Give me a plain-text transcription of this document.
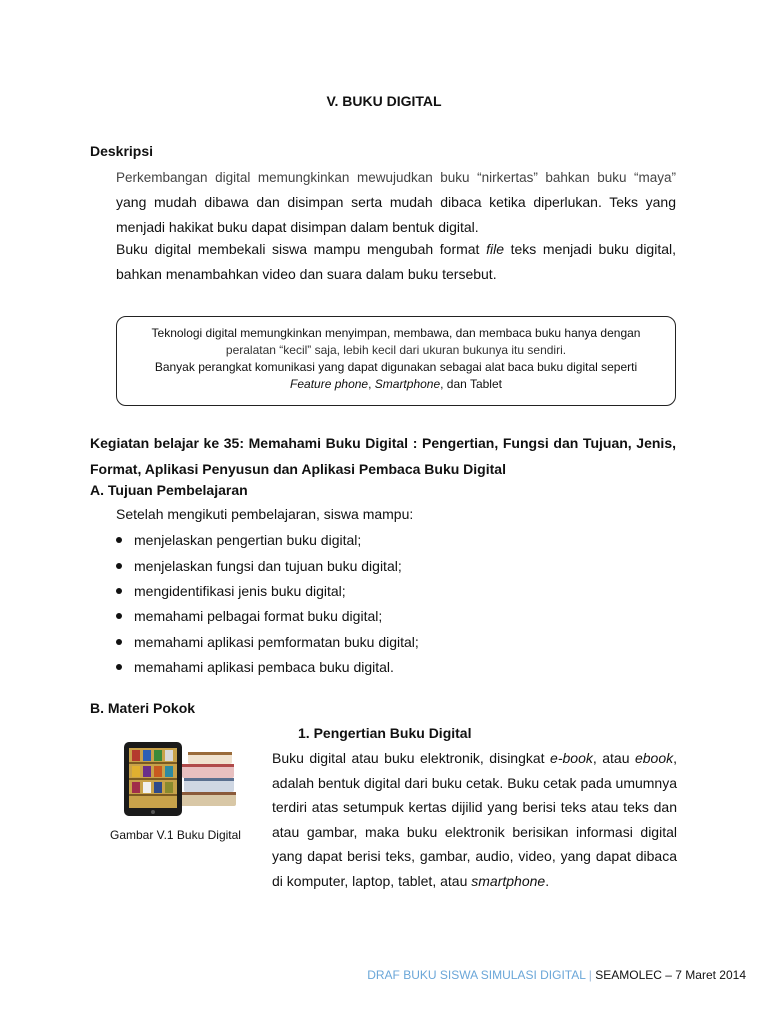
V. BUKU DIGITAL
Deskripsi
Perkembangan digital memungkinkan mewujudkan buku “nirkertas” bahkan buku “maya” yang mudah dibawa dan disimpan serta mudah dibaca ketika diperlukan. Teks yang menjadi hakikat buku dapat disimpan dalam bentuk digital.
Buku digital membekali siswa mampu mengubah format file teks menjadi buku digital, bahkan menambahkan video dan suara dalam buku tersebut.
Teknologi digital memungkinkan menyimpan, membawa, dan membaca buku hanya dengan
peralatan “kecil” saja, lebih kecil dari ukuran bukunya itu sendiri.
Banyak perangkat komunikasi yang dapat digunakan sebagai alat baca buku digital seperti
Feature phone, Smartphone, dan Tablet
Kegiatan belajar ke 35: Memahami Buku Digital : Pengertian, Fungsi dan Tujuan, Jenis, Format, Aplikasi Penyusun dan Aplikasi Pembaca Buku Digital
A. Tujuan Pembelajaran
Setelah mengikuti pembelajaran, siswa mampu:
menjelaskan pengertian buku digital;
menjelaskan fungsi dan tujuan buku digital;
mengidentifikasi jenis buku digital;
memahami pelbagai format buku digital;
memahami aplikasi pemformatan buku digital;
memahami aplikasi pembaca buku digital.
B. Materi Pokok
1. Pengertian Buku Digital
Gambar V.1 Buku Digital
Buku digital atau buku elektronik, disingkat e-book, atau ebook, adalah bentuk digital dari buku cetak. Buku cetak pada umumnya terdiri atas setumpuk kertas dijilid yang berisi teks atau teks dan atau gambar, maka buku elektronik berisikan informasi digital yang dapat berisi teks, gambar, audio, video, yang dapat dibaca di komputer, laptop, tablet, atau smartphone.
DRAF BUKU SISWA SIMULASI DIGITAL | SEAMOLEC – 7 Maret 2014
